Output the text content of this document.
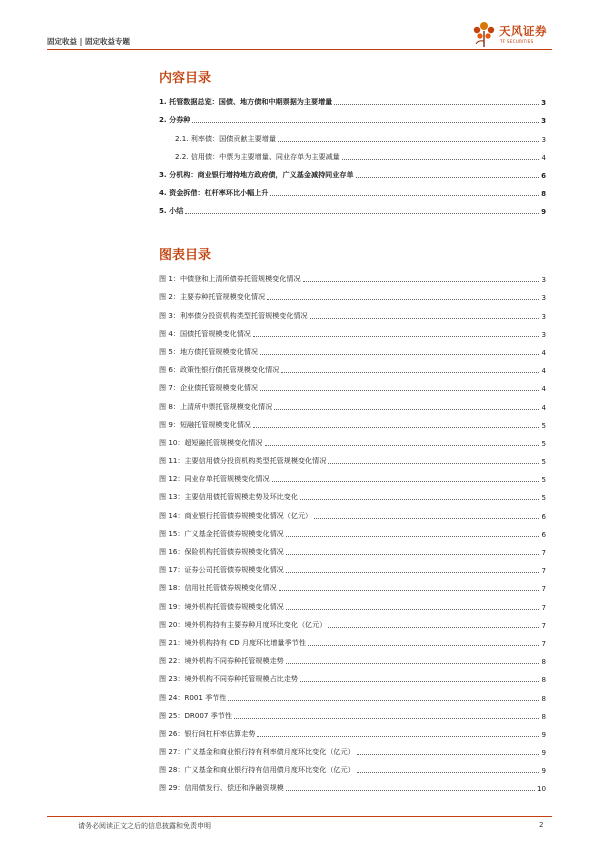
固定收益 | 固定收益专题
天风证券
TF SECURITIES
内容目录
1. 托管数据总览：国债、地方债和中期票据为主要增量	3
2. 分券种	3
2.1. 利率债：国债贡献主要增量	3
2.2. 信用债：中票为主要增量、同业存单为主要减量	4
3. 分机构：商业银行增持地方政府债，广义基金减持同业存单	6
4. 资金拆借：杠杆率环比小幅上升	8
5. 小结	9
图表目录
图 1：中债登和上清所债券托管规模变化情况	3
图 2：主要券种托管规模变化情况	3
图 3：利率债分投资机构类型托管规模变化情况	3
图 4：国债托管规模变化情况	3
图 5：地方债托管规模变化情况	4
图 6：政策性银行债托管规模变化情况	4
图 7：企业债托管规模变化情况	4
图 8：上清所中票托管规模变化情况	4
图 9：短融托管规模变化情况	5
图 10：超短融托管规模变化情况	5
图 11：主要信用债分投资机构类型托管规模变化情况	5
图 12：同业存单托管规模变化情况	5
图 13：主要信用债托管规模走势及环比变化	5
图 14：商业银行托管债券规模变化情况（亿元）	6
图 15：广义基金托管债券规模变化情况	6
图 16：保险机构托管债券规模变化情况	7
图 17：证券公司托管债券规模变化情况	7
图 18：信用社托管债券规模变化情况	7
图 19：境外机构托管债券规模变化情况	7
图 20：境外机构持有主要券种月度环比变化（亿元）	7
图 21：境外机构持有 CD 月度环比增量季节性	7
图 22：境外机构不同券种托管规模走势	8
图 23：境外机构不同券种托管规模占比走势	8
图 24：R001 季节性	8
图 25：DR007 季节性	8
图 26：银行间杠杆率估算走势	9
图 27：广义基金和商业银行持有利率债月度环比变化（亿元）	9
图 28：广义基金和商业银行持有信用债月度环比变化（亿元）	9
图 29：信用债发行、偿还和净融资规模	10
请务必阅读正文之后的信息披露和免责申明	2
